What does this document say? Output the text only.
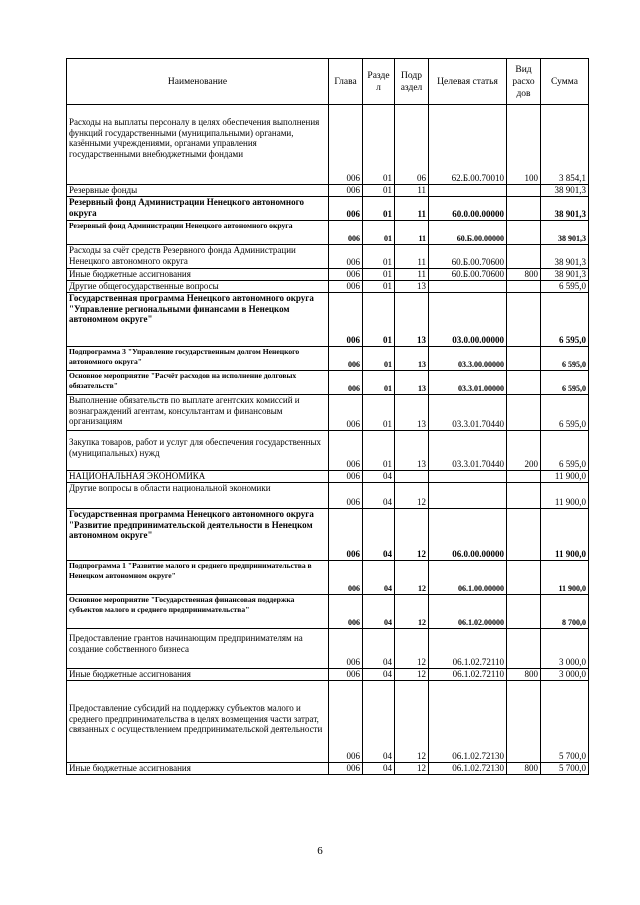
Наименование	Глава	Разде л	Подр аздел	Целевая статья	Вид расхо дов	Сумма
Расходы на выплаты персоналу в целях обеспечения выполнения функций государственными (муниципальными) органами, казёнными учреждениями, органами управления государственными внебюджетными фондами	006	01	06	62.Б.00.70010	100	3 854,1
Резервные фонды	006	01	11			38 901,3
Резервный фонд Администрации Ненецкого автономного округа	006	01	11	60.0.00.00000		38 901,3
Резервный фонд Администрации Ненецкого автономного округа	006	01	11	60.Б.00.00000		38 901,3
Расходы за счёт средств Резервного фонда Администрации Ненецкого автономного округа	006	01	11	60.Б.00.70600		38 901,3
Иные бюджетные ассигнования	006	01	11	60.Б.00.70600	800	38 901,3
Другие общегосударственные вопросы	006	01	13			6 595,0
Государственная программа Ненецкого автономного округа "Управление региональными финансами в Ненецком автономном округе"	006	01	13	03.0.00.00000		6 595,0
Подпрограмма 3 "Управление государственным долгом Ненецкого автономного округа"	006	01	13	03.3.00.00000		6 595,0
Основное мероприятие "Расчёт расходов на исполнение долговых обязательств"	006	01	13	03.3.01.00000		6 595,0
Выполнение обязательств по выплате агентских комиссий и вознаграждений агентам, консультантам и финансовым организациям	006	01	13	03.3.01.70440		6 595,0
Закупка товаров, работ и услуг для обеспечения государственных (муниципальных) нужд	006	01	13	03.3.01.70440	200	6 595,0
НАЦИОНАЛЬНАЯ ЭКОНОМИКА	006	04				11 900,0
Другие вопросы в области национальной экономики	006	04	12			11 900,0
Государственная программа Ненецкого автономного округа "Развитие предпринимательской деятельности в Ненецком автономном округе"	006	04	12	06.0.00.00000		11 900,0
Подпрограмма 1 "Развитие малого и среднего предпринимательства в Ненецком автономном округе"	006	04	12	06.1.00.00000		11 900,0
Основное мероприятие "Государственная финансовая поддержка субъектов малого и среднего предпринимательства"	006	04	12	06.1.02.00000		8 700,0
Предоставление грантов начинающим предпринимателям на создание собственного бизнеса	006	04	12	06.1.02.72110		3 000,0
Иные бюджетные ассигнования	006	04	12	06.1.02.72110	800	3 000,0
Предоставление субсидий на поддержку субъектов малого и среднего предпринимательства в целях возмещения части затрат, связанных с осуществлением предпринимательской деятельности	006	04	12	06.1.02.72130		5 700,0
Иные бюджетные ассигнования	006	04	12	06.1.02.72130	800	5 700,0
6
